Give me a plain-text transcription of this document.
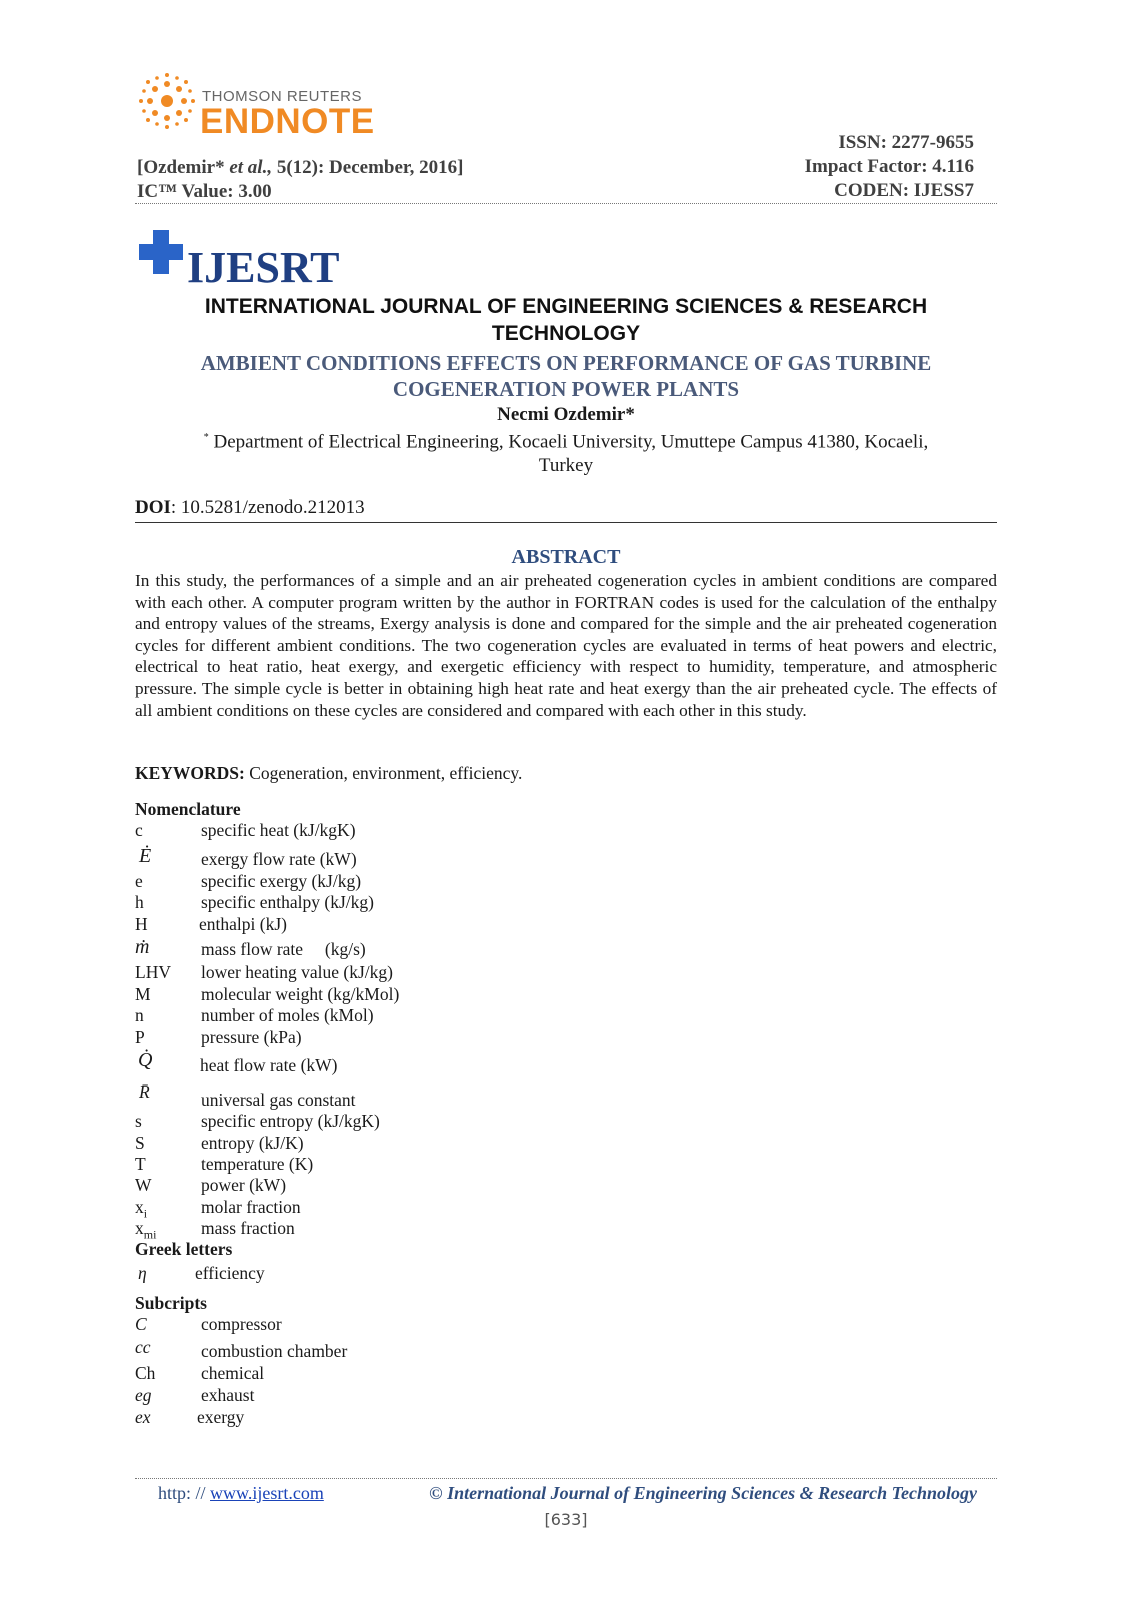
THOMSON REUTERS
ENDNOTE
[Ozdemir* et al., 5(12): December, 2016]
IC™ Value: 3.00
ISSN: 2277-9655
Impact Factor: 4.116
CODEN: IJESS7
IJESRT
INTERNATIONAL JOURNAL OF ENGINEERING SCIENCES & RESEARCH
TECHNOLOGY
AMBIENT CONDITIONS EFFECTS ON PERFORMANCE OF GAS TURBINE
COGENERATION POWER PLANTS
Necmi Ozdemir*
* Department of Electrical Engineering, Kocaeli University, Umuttepe Campus 41380, Kocaeli,
Turkey
DOI: 10.5281/zenodo.212013
ABSTRACT
In this study, the performances of a simple and an air preheated cogeneration cycles in ambient conditions are compared with each other. A computer program written by the author in FORTRAN codes is used for the calculation of the enthalpy and entropy values of the streams, Exergy analysis is done and compared for the simple and the air preheated cogeneration cycles for different ambient conditions. The two cogeneration cycles are evaluated in terms of heat powers and electric, electrical to heat ratio, heat exergy, and exergetic efficiency with respect to humidity, temperature, and atmospheric pressure. The simple cycle is better in obtaining high heat rate and heat exergy than the air preheated cycle. The effects of all ambient conditions on these cycles are considered and compared with each other in this study.
KEYWORDS: Cogeneration, environment, efficiency.
Nomenclature
c	specific heat (kJ/kgK)
Ė	exergy flow rate (kW)
e	specific exergy (kJ/kg)
h	specific enthalpy (kJ/kg)
H	enthalpi (kJ)
ṁ	mass flow rate     (kg/s)
LHV lower heating value (kJ/kg)
M	molecular weight (kg/kMol)
n	number of moles (kMol)
P	pressure (kPa)
Q̇	heat flow rate (kW)
R̄	universal gas constant
s	specific entropy (kJ/kgK)
S	entropy (kJ/K)
T	temperature (K)
W	power (kW)
$x_i$	molar fraction
$x_{mi}$	mass fraction
Greek letters
η	efficiency
Subcripts
C	compressor
cc	combustion chamber
Ch	chemical
eg	exhaust
ex	exergy
http: // www.ijesrt.com	© International Journal of Engineering Sciences & Research Technology
[633]
